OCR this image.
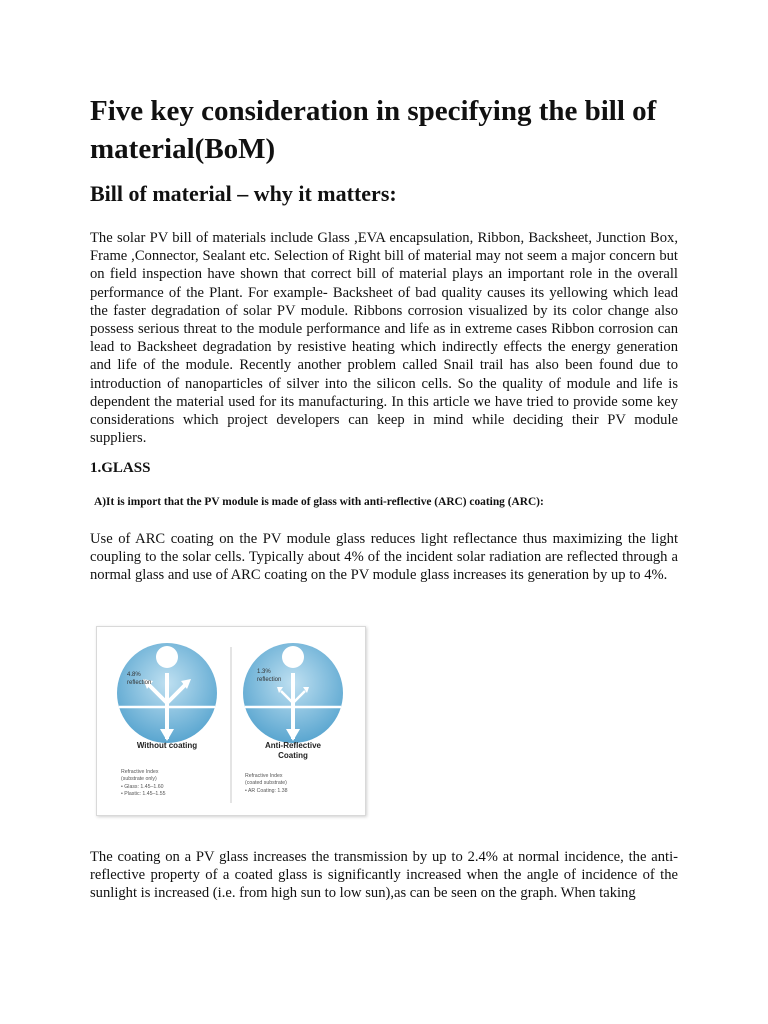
Five key consideration in specifying the bill of material(BoM)
Bill of material – why it matters:

The solar PV bill of materials include Glass ,EVA encapsulation, Ribbon, Backsheet, Junction Box, Frame ,Connector, Sealant etc. Selection of Right bill of material may not seem a major concern but on field inspection have shown that correct bill of material plays an important role in the overall performance of the Plant. For example- Backsheet of bad quality causes its yellowing which lead the faster degradation of solar PV module. Ribbons corrosion visualized by its color change also possess serious threat to the module performance and life as in extreme cases Ribbon corrosion can lead to Backsheet degradation by resistive heating which indirectly effects the energy generation and life of the module. Recently another problem called Snail trail has also been found due to introduction of nanoparticles of silver into the silicon cells. So the quality of module and life is dependent the material used for its manufacturing. In this article we have tried to provide some key considerations which project developers can keep in mind while deciding their PV module suppliers.

1.GLASS
A)It is import that the PV module is made of glass with anti-reflective (ARC) coating (ARC):

Use of ARC coating on the PV module glass reduces light reflectance thus maximizing the light coupling to the solar cells. Typically about 4% of the incident solar radiation are reflected through a normal glass and use of ARC coating on the PV module glass increases its generation by up to 4%.

4.8%
reflection
Without coating
Refractive Index
(substrate only)
• Glass: 1.45–1.60
• Plastic: 1.45–1.55
1.3%
reflection
Anti-Reflective
Coating
Refractive Index
(coated substrate)
• AR Coating: 1.38

The coating on a PV glass increases the transmission by up to 2.4% at normal incidence, the anti-reflective property of a coated glass is significantly increased when the angle of incidence of the sunlight is increased (i.e. from high sun to low sun),as can be seen on the graph. When taking
